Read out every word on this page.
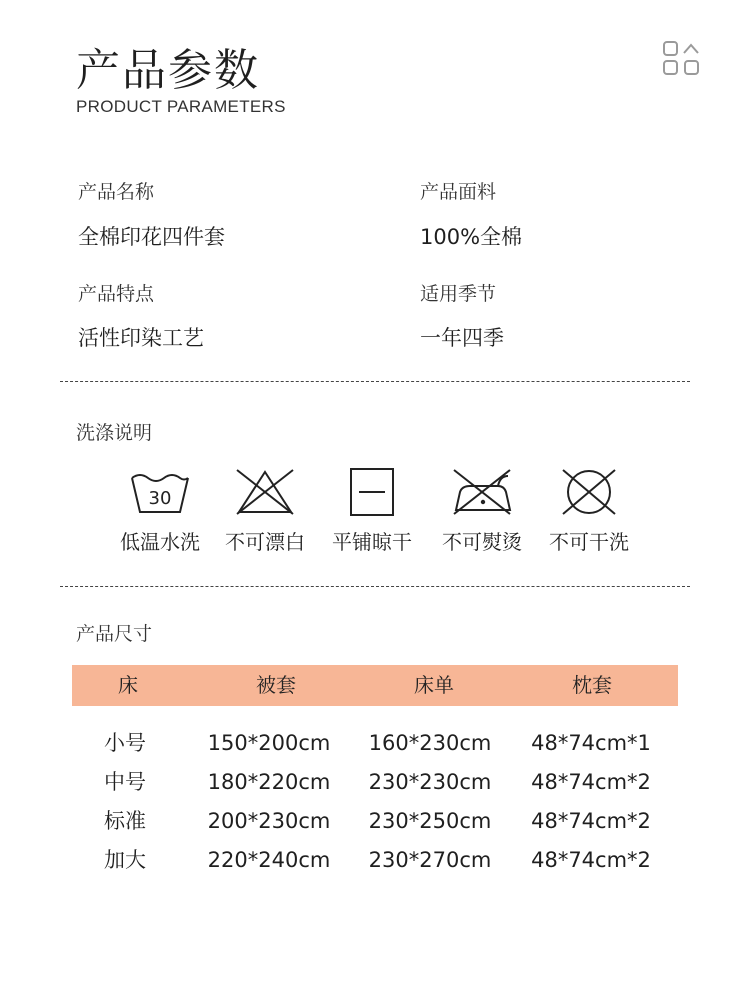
产品参数
PRODUCT PARAMETERS
产品名称
全棉印花四件套
产品面料
100%全棉
产品特点
活性印染工艺
适用季节
一年四季
洗涤说明
30
低温水洗	不可漂白	平铺晾干	不可熨烫	不可干洗
产品尺寸
床	被套	床单	枕套
小号	150*200cm	160*230cm	48*74cm*1
中号	180*220cm	230*230cm	48*74cm*2
标准	200*230cm	230*250cm	48*74cm*2
加大	220*240cm	230*270cm	48*74cm*2
